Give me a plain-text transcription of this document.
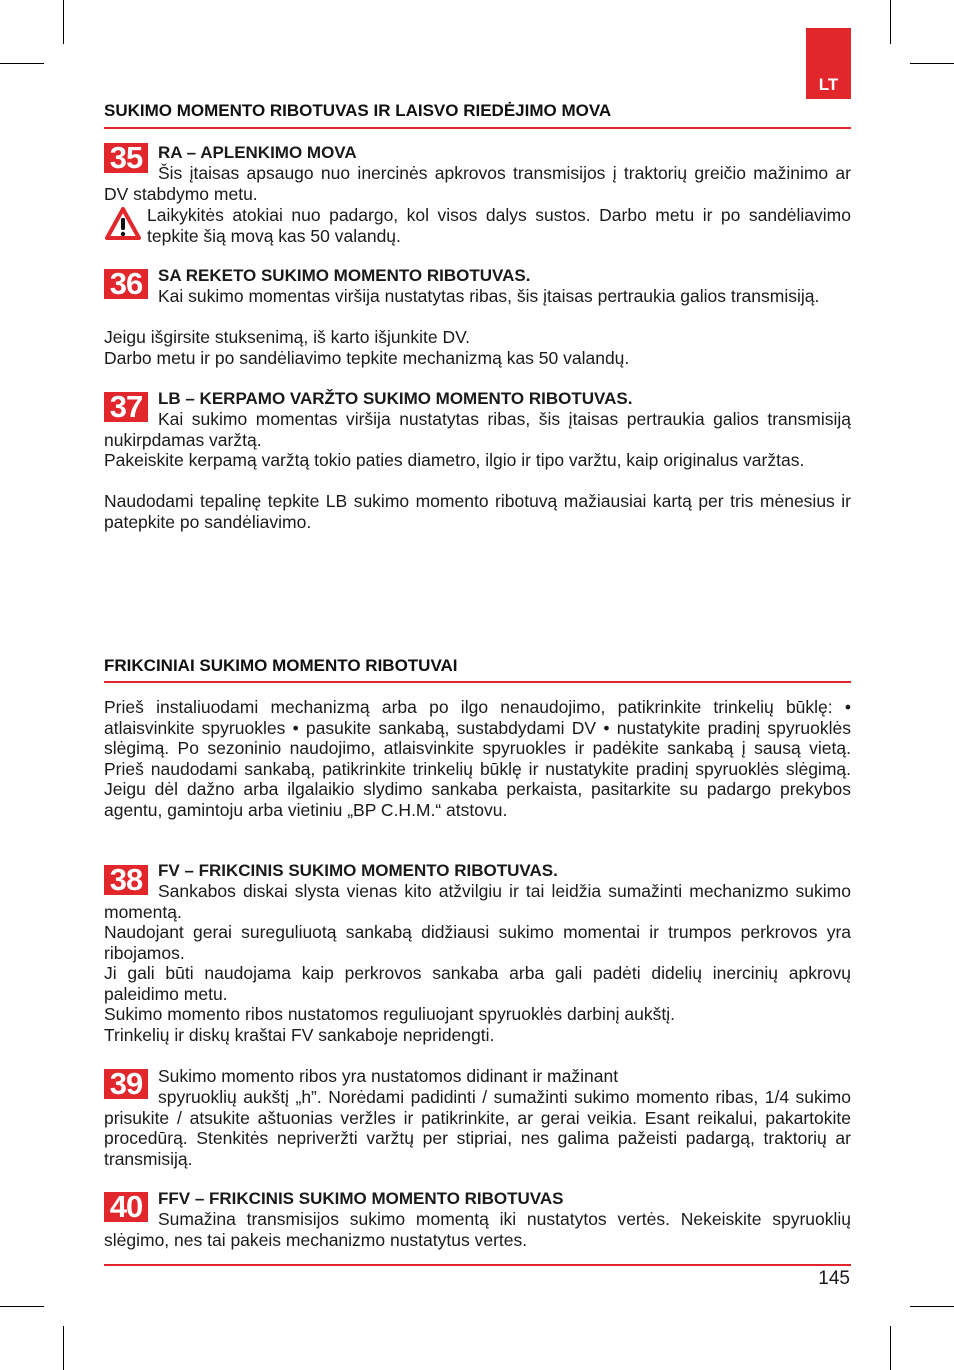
LT
SUKIMO MOMENTO RIBOTUVAS IR LAISVO RIEDĖJIMO MOVA
35 RA – APLENKIMO MOVA

Šis įtaisas apsaugo nuo inercinės apkrovos transmisijos į traktorių greičio mažinimo ar DV stabdymo metu.

Laikykitės atokiai nuo padargo, kol visos dalys sustos. Darbo metu ir po sandėliavimo tepkite šią movą kas 50 valandų.

36 SA REKETO SUKIMO MOMENTO RIBOTUVAS.

Kai sukimo momentas viršija nustatytas ribas, šis įtaisas pertraukia galios transmisiją.

Jeigu išgirsite stuksenimą, iš karto išjunkite DV.

Darbo metu ir po sandėliavimo tepkite mechanizmą kas 50 valandų.

37 LB – KERPAMO VARŽTO SUKIMO MOMENTO RIBOTUVAS.

Kai sukimo momentas viršija nustatytas ribas, šis įtaisas pertraukia galios transmisiją nukirpdamas varžtą.

Pakeiskite kerpamą varžtą tokio paties diametro, ilgio ir tipo varžtu, kaip originalus varžtas.

Naudodami tepalinę tepkite LB sukimo momento ribotuvą mažiausiai kartą per tris mėnesius ir patepkite po sandėliavimo.

FRIKCINIAI SUKIMO MOMENTO RIBOTUVAI

Prieš instaliuodami mechanizmą arba po ilgo nenaudojimo, patikrinkite trinkelių būklę: • atlaisvinkite spyruokles • pasukite sankabą, sustabdydami DV • nustatykite pradinį spyruoklės slėgimą. Po sezoninio naudojimo, atlaisvinkite spyruokles ir padėkite sankabą į sausą vietą. Prieš naudodami sankabą, patikrinkite trinkelių būklę ir nustatykite pradinį spyruoklės slėgimą. Jeigu dėl dažno arba ilgalaikio slydimo sankaba perkaista, pasitarkite su padargo prekybos agentu, gamintoju arba vietiniu „BP C.H.M.“ atstovu.

38 FV – FRIKCINIS SUKIMO MOMENTO RIBOTUVAS.

Sankabos diskai slysta vienas kito atžvilgiu ir tai leidžia sumažinti mechanizmo sukimo momentą.

Naudojant gerai sureguliuotą sankabą didžiausi sukimo momentai ir trumpos perkrovos yra ribojamos.

Ji gali būti naudojama kaip perkrovos sankaba arba gali padėti didelių inercinių apkrovų paleidimo metu.

Sukimo momento ribos nustatomos reguliuojant spyruoklės darbinį aukštį.

Trinkelių ir diskų kraštai FV sankaboje nepridengti.

39 Sukimo momento ribos yra nustatomos didinant ir mažinant

spyruoklių aukštį „h”. Norėdami padidinti / sumažinti sukimo momento ribas, 1/4 sukimo prisukite / atsukite aštuonias veržles ir patikrinkite, ar gerai veikia. Esant reikalui, pakartokite procedūrą. Stenkitės nepriveržti varžtų per stipriai, nes galima pažeisti padargą, traktorių ar transmisiją.

40 FFV – FRIKCINIS SUKIMO MOMENTO RIBOTUVAS

Sumažina transmisijos sukimo momentą iki nustatytos vertės. Nekeiskite spyruoklių slėgimo, nes tai pakeis mechanizmo nustatytus vertes.

145
